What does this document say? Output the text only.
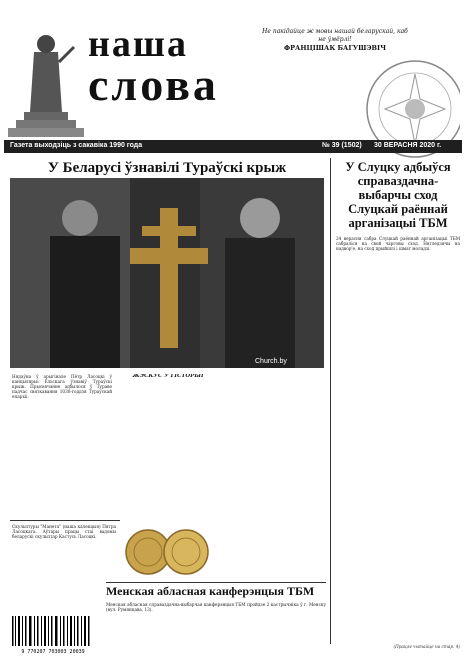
наша
слова
Не пакідайце ж мовы нашай беларускай, каб не ўмёрлі!
ФРАНЦІШАК БАГУШЭВІЧ
Газета выходзіць з сакавіка 1990 года	№ 39 (1502) 30 ВЕРАСНЯ 2020 г.
У Беларусі ўзнавілі Тураўскі крыж
Church.by
Нядаўна ў арыгінале Пётр Ласоцкі ў канцылярыі Ельскага ўзнавіў Тураўскі крыж. Прысвячэнне адбылося ў Тураве падчас святкавання 1030-годдзя Тураўскай епархіі.
ЖЭСКУС У ГІСТОРЫІ
Скульптуры "Манета" (наша калекцыя) Пятра Ласоцкага. Аўтары працы стаі вадомы беларускі скульптар Кастусь Ласоцкі.
Менская абласная канферэнцыя ТБМ
Менская абласная справаздачна-выбарчая канферэнцыя ТБМ пройдзе 2 кастрычніка ў г. Менску (вул. Румянцава, 13).
9 770207 703003 20039
У Слуцку адбыўся справаздачна-выбарчы сход Слуцкай раённай арганізацыі ТБМ
24 верасня сабра Слуцкай раённай арганізацыі ТБМ сабраліся на свой чарговы сход. Нягледзячы на надвор'е, на сход прыйшлі і шмат моладзі.
(Працяг чытайце на стар. 4)
